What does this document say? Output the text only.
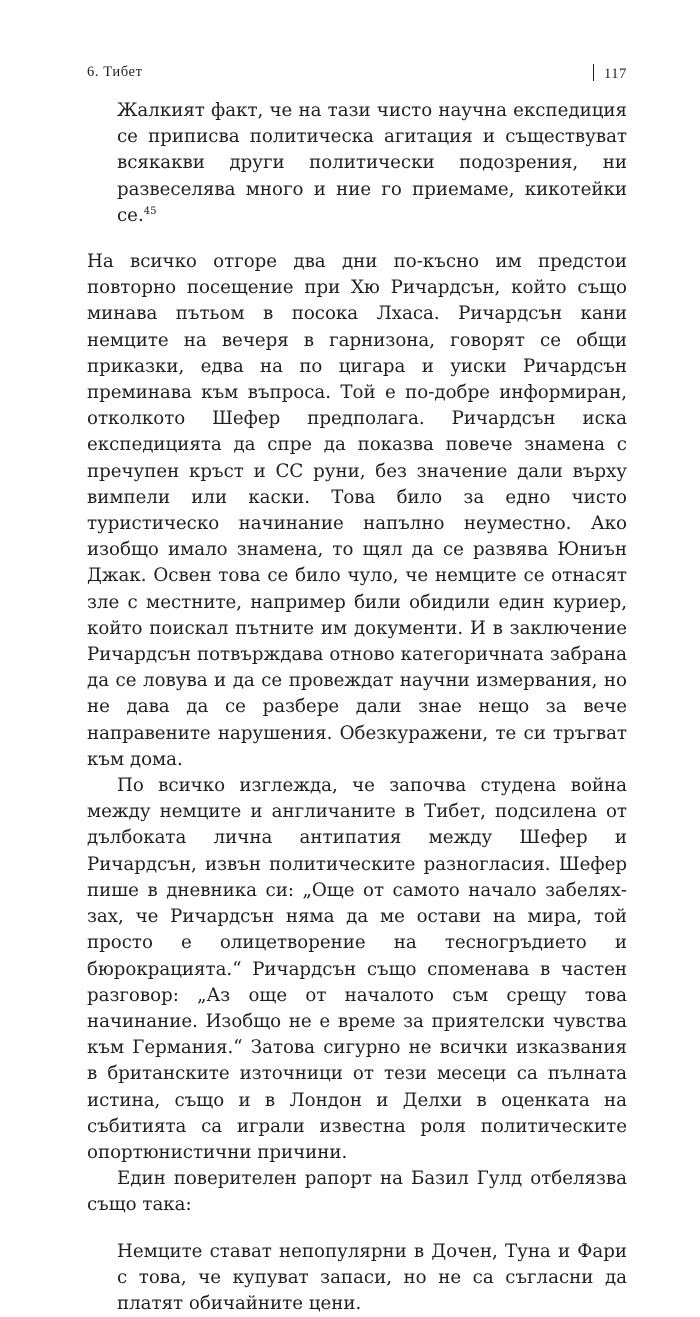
6. Тибет	117

Жалкият факт, че на тази чисто научна експедиция се приписва политическа агитация и съществуват всякакви други политически подозрения, ни развеселява много и ние го приемаме, кикотейки се.$^{45}$

На всичко отгоре два дни по-късно им предстои повторно посещение при Хю Ричардсън, който също минава пътьом в посока Лхаса. Ричардсън кани немците на вечеря в гарнизона, говорят се общи приказки, едва на по цигара и уиски Ричардсън преминава към въпроса. Той е по-добре информиран, отколкото Шефер предполага. Ричардсън иска експедицията да спре да показва повече знамена с пречупен кръст и СС руни, без значение дали върху вимпели или каски. Това било за едно чисто туристическо начинание напълно неуместно. Ако изобщо имало знамена, то щял да се развява Юниън Джак. Освен това се било чуло, че немците се отнасят зле с местните, например били обидили един куриер, който поискал пътните им документи. И в заключение Ричардсън потвърждава отново категоричната забрана да се ловува и да се провеждат научни измервания, но не дава да се разбере дали знае нещо за вече направените нарушения. Обезкуражени, те си тръгват към дома.

По всичко изглежда, че започва студена война между немците и англичаните в Тибет, подсилена от дълбоката лична антипатия между Шефер и Ричардсън, извън политическите разногласия. Шефер пише в дневника си: „Още от самото начало забеляхзах, че Ричардсън няма да ме остави на мира, той просто е олицетворение на тесногръдието и бюрокрацията.“ Ричардсън също споменава в частен разговор: „Аз още от началото съм срещу това начинание. Изобщо не е време за приятелски чувства към Германия.“ Затова сигурно не всички изказвания в британските източници от тези месеци са пълната истина, също и в Лондон и Делхи в оценката на събитията са играли известна роля политическите опортюнистични причини.

Един поверителен рапорт на Базил Гулд отбелязва също така:

Немците стават непопулярни в Дочен, Туна и Фари с това, че купуват запаси, но не са съгласни да платят обичайните цени.
